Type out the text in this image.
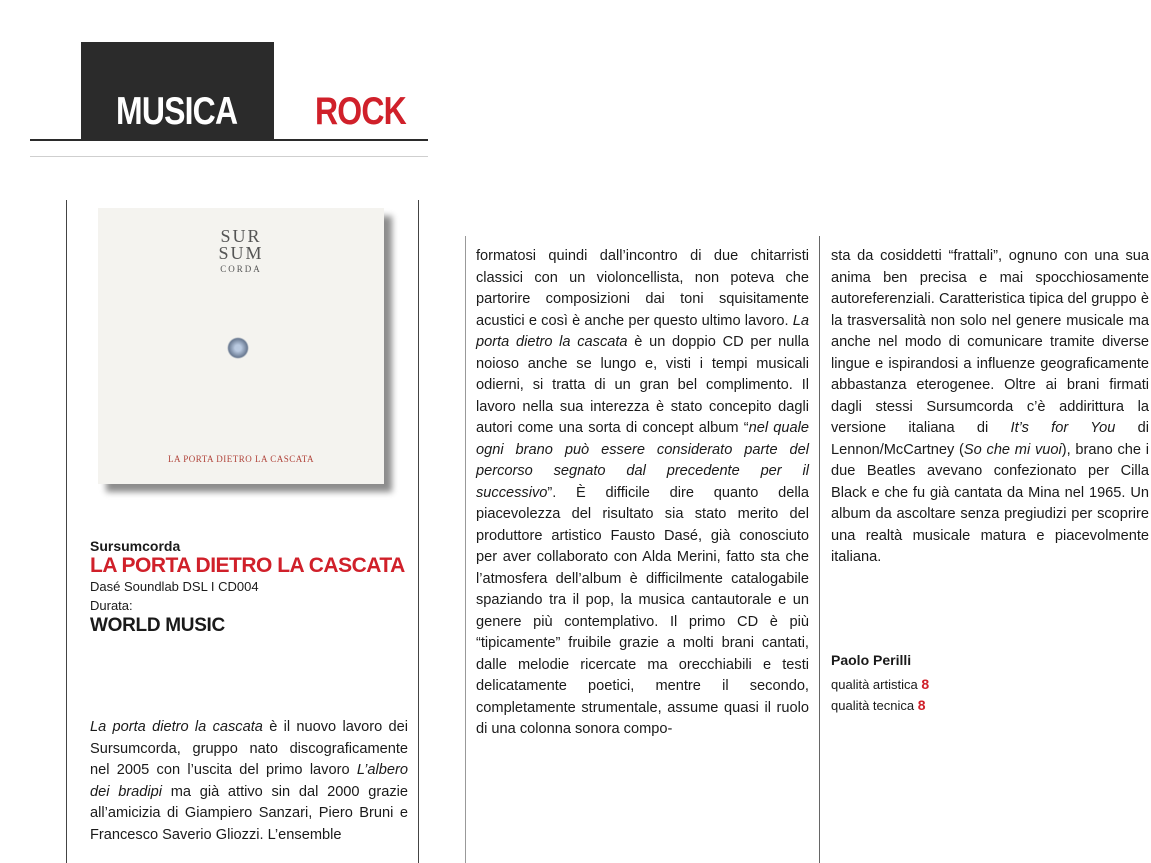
MUSICA ROCK
SUR
SUM
CORDA
LA PORTA DIETRO LA CASCATA
Sursumcorda
LA PORTA DIETRO LA CASCATA
Dasé Soundlab DSL I CD004
Durata:
WORLD MUSIC

La porta dietro la cascata è il nuovo lavoro dei Sursumcorda, gruppo nato discograficamente nel 2005 con l’uscita del primo lavoro L’albero dei bradipi ma già attivo sin dal 2000 grazie all’amicizia di Giampiero Sanzari, Piero Bruni e Francesco Saverio Gliozzi. L’ensemble

formatosi quindi dall’incontro di due chitarristi classici con un violoncellista, non poteva che partorire composizioni dai toni squisitamente acustici e così è anche per questo ultimo lavoro. La porta dietro la cascata è un doppio CD per nulla noioso anche se lungo e, visti i tempi musicali odierni, si tratta di un gran bel complimento. Il lavoro nella sua interezza è stato concepito dagli autori come una sorta di concept album “nel quale ogni brano può essere considerato parte del percorso segnato dal precedente per il successivo”. È difficile dire quanto della piacevolezza del risultato sia stato merito del produttore artistico Fausto Dasé, già conosciuto per aver collaborato con Alda Merini, fatto sta che l’atmosfera dell’album è difficilmente catalogabile spaziando tra il pop, la musica cantautorale e un genere più contemplativo. Il primo CD è più “tipicamente” fruibile grazie a molti brani cantati, dalle melodie ricercate ma orecchiabili e testi delicatamente poetici, mentre il secondo, completamente strumentale, assume quasi il ruolo di una colonna sonora compo-

sta da cosiddetti “frattali”, ognuno con una sua anima ben precisa e mai spocchiosamente autoreferenziali. Caratteristica tipica del gruppo è la trasversalità non solo nel genere musicale ma anche nel modo di comunicare tramite diverse lingue e ispirandosi a influenze geograficamente abbastanza eterogenee. Oltre ai brani firmati dagli stessi Sursumcorda c’è addirittura la versione italiana di It’s for You di Lennon/McCartney (So che mi vuoi), brano che i due Beatles avevano confezionato per Cilla Black e che fu già cantata da Mina nel 1965. Un album da ascoltare senza pregiudizi per scoprire una realtà musicale matura e piacevolmente italiana.

Paolo Perilli
qualità artistica 8
qualità tecnica 8
